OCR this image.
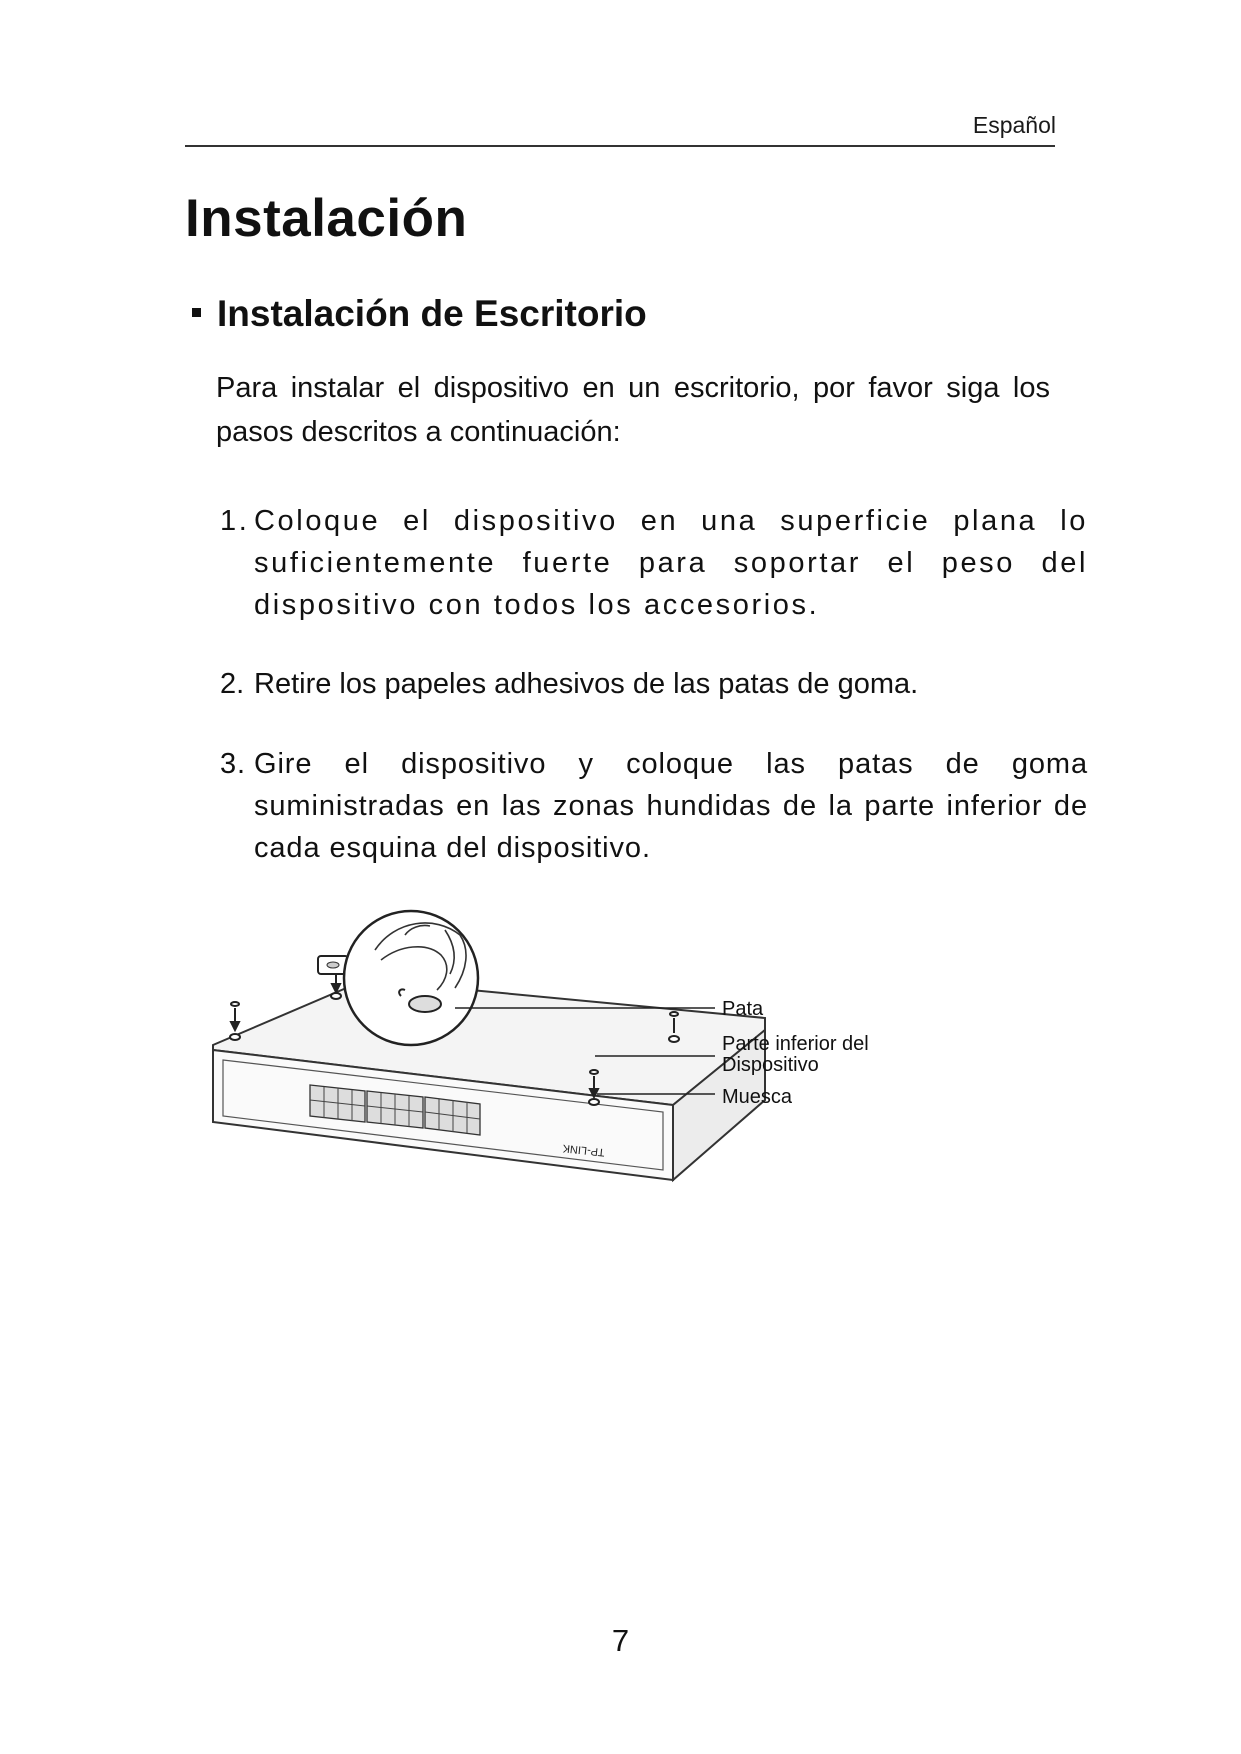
Español
Instalación
Instalación de Escritorio

Para instalar el dispositivo en un escritorio, por favor siga los pasos descritos a continuación:

1. Coloque el dispositivo en una superficie plana lo suficientemente fuerte para soportar el peso del dispositivo con todos los accesorios.
2. Retire los papeles adhesivos de las patas de goma.
3. Gire el dispositivo y coloque las patas de goma suministradas en las zonas hundidas de la parte inferior de cada esquina del dispositivo.
TP-LINK
Pata
Parte inferior del
Dispositivo
Muesca
7
